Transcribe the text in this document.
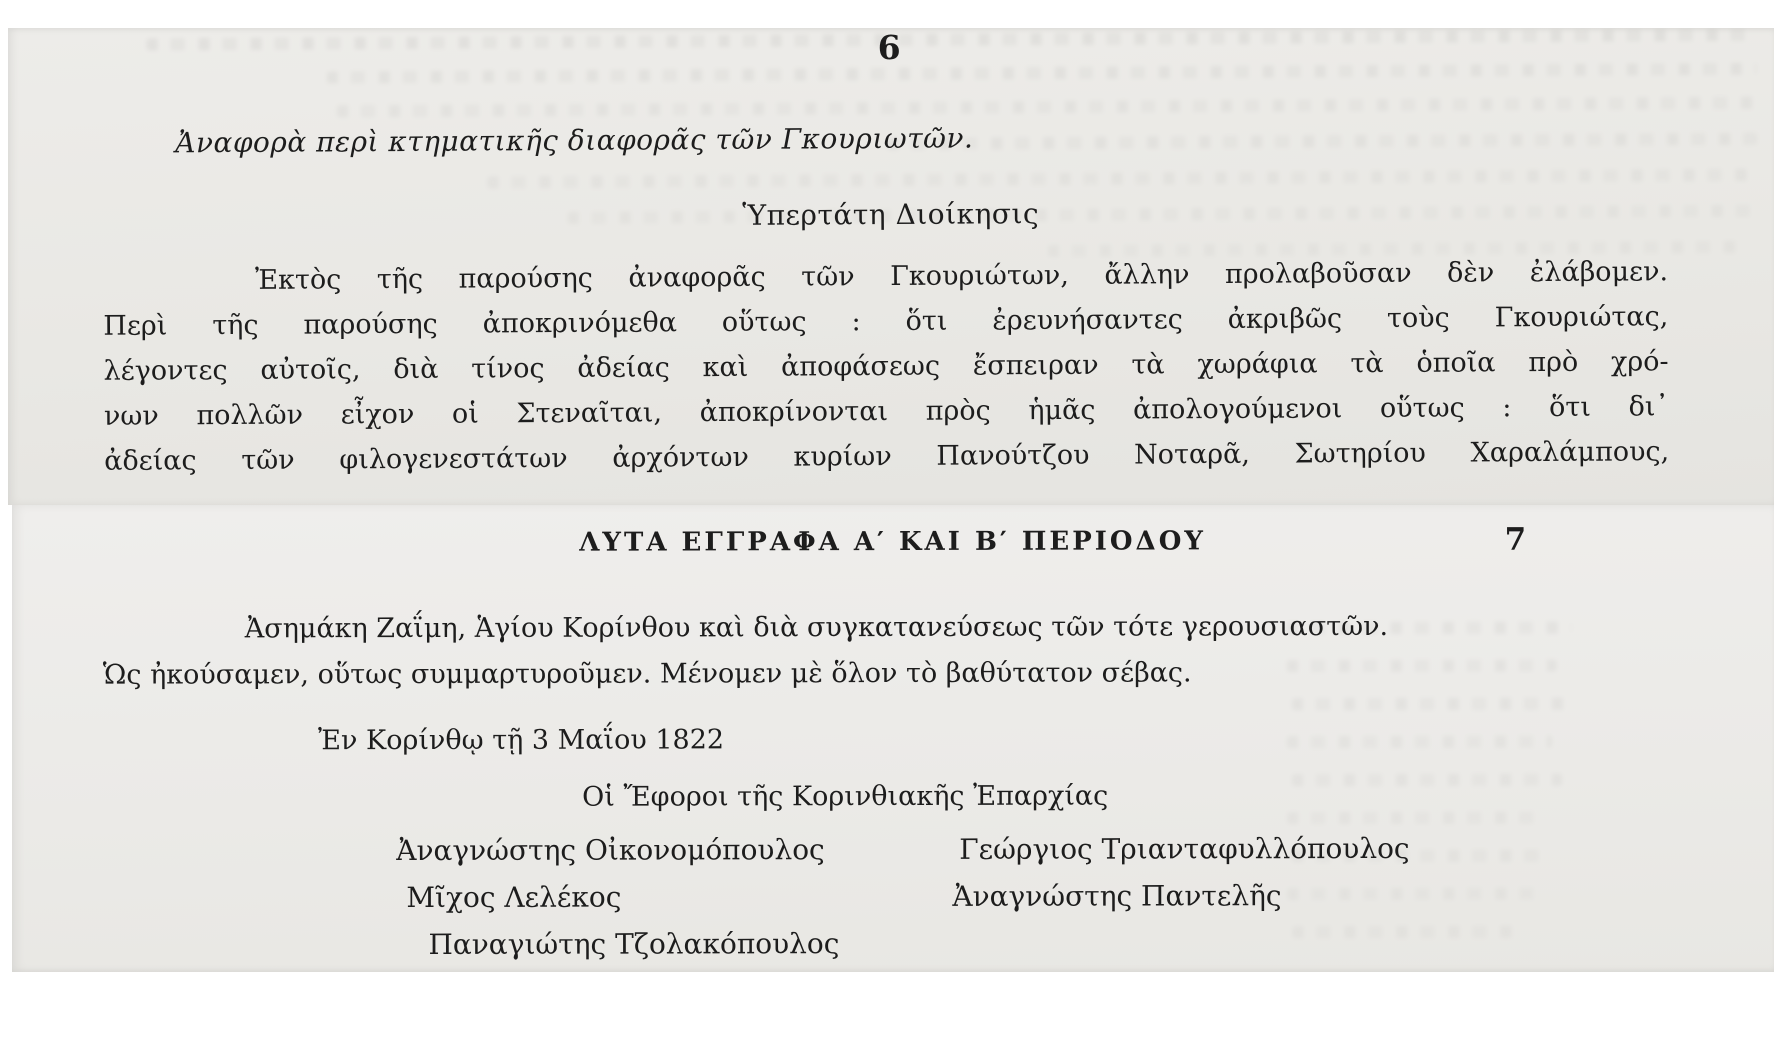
6
Ἀναφορὰ περὶ κτηματικῆς διαφορᾶς τῶν Γκουριωτῶν.
Ὑπερτάτη Διοίκησις
Ἐκτὸς τῆς παρούσης ἀναφορᾶς τῶν Γκουριώτων, ἄλλην προλαβοῦσαν δὲν ἐλάβομεν.
Περὶ τῆς παρούσης ἀποκρινόμεθα οὕτως : ὅτι ἐρευνήσαντες ἀκριβῶς τοὺς Γκουριώτας,
λέγοντες αὐτοῖς, διὰ τίνος ἀδείας καὶ ἀποφάσεως ἔσπειραν τὰ χωράφια τὰ ὁποῖα πρὸ χρό-
νων πολλῶν εἶχον οἱ Στεναῖται, ἀποκρίνονται πρὸς ἡμᾶς ἀπολογούμενοι οὕτως : ὅτι δι᾽
ἀδείας τῶν φιλογενεστάτων ἀρχόντων κυρίων Πανούτζου Νοταρᾶ, Σωτηρίου Χαραλάμπους,
ΛΥΤΑ ΕΓΓΡΑΦΑ Α′ ΚΑΙ Β′ ΠΕΡΙΟΔΟΥ	7
Ἀσημάκη Ζαΐμη, Ἁγίου Κορίνθου καὶ διὰ συγκατανεύσεως τῶν τότε γερουσιαστῶν.
Ὡς ἠκούσαμεν, οὕτως συμμαρτυροῦμεν. Μένομεν μὲ ὅλον τὸ βαθύτατον σέβας.
Ἐν Κορίνθῳ τῇ 3 Μαΐου 1822
Οἱ Ἔφοροι τῆς Κορινθιακῆς Ἐπαρχίας
Ἀναγνώστης Οἰκονομόπουλος
Μῖχος Λελέκος
Παναγιώτης Τζολακόπουλος
Γεώργιος Τριανταφυλλόπουλος
Ἀναγνώστης Παντελῆς
